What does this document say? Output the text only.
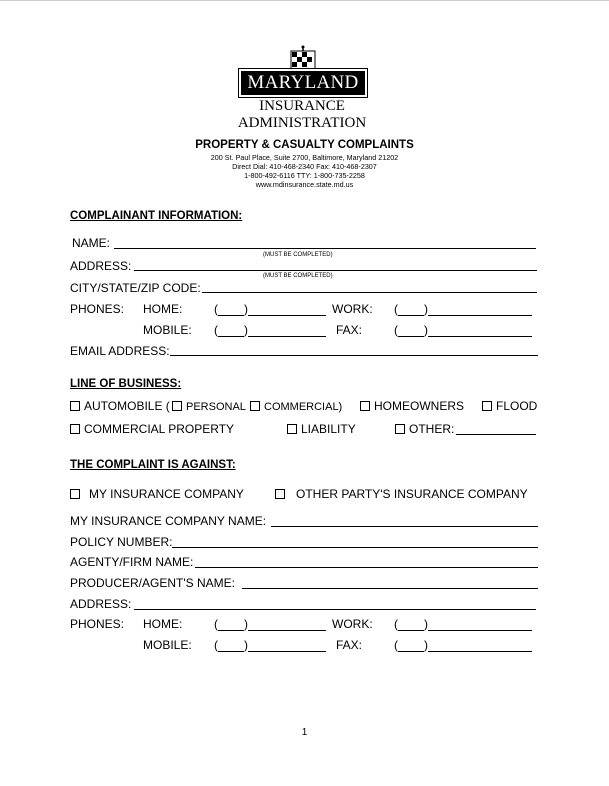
MARYLAND
INSURANCE
ADMINISTRATION
PROPERTY & CASUALTY COMPLAINTS
200 St. Paul Place, Suite 2700, Baltimore, Maryland 21202
Direct Dial: 410-468-2340 Fax: 410-468-2307
1-800-492-6116 TTY: 1-800-735-2258
www.mdinsurance.state.md.us
COMPLAINANT INFORMATION:
NAME:
(MUST BE COMPLETED)
ADDRESS:
(MUST BE COMPLETED)
CITY/STATE/ZIP CODE:
PHONES: HOME:	( )	WORK: ( )
MOBILE: ( )	FAX:	( )
EMAIL ADDRESS:
LINE OF BUSINESS:
AUTOMOBILE (	PERSONAL	COMMERCIAL)	HOMEOWNERS	FLOOD
COMMERCIAL PROPERTY	LIABILITY	OTHER:
THE COMPLAINT IS AGAINST:
MY INSURANCE COMPANY	OTHER PARTY'S INSURANCE COMPANY
MY INSURANCE COMPANY NAME:
POLICY NUMBER:
AGENTY/FIRM NAME:
PRODUCER/AGENT'S NAME:
ADDRESS:
PHONES: HOME:	( )	WORK: ( )
MOBILE: ( )	FAX:	( )
1
